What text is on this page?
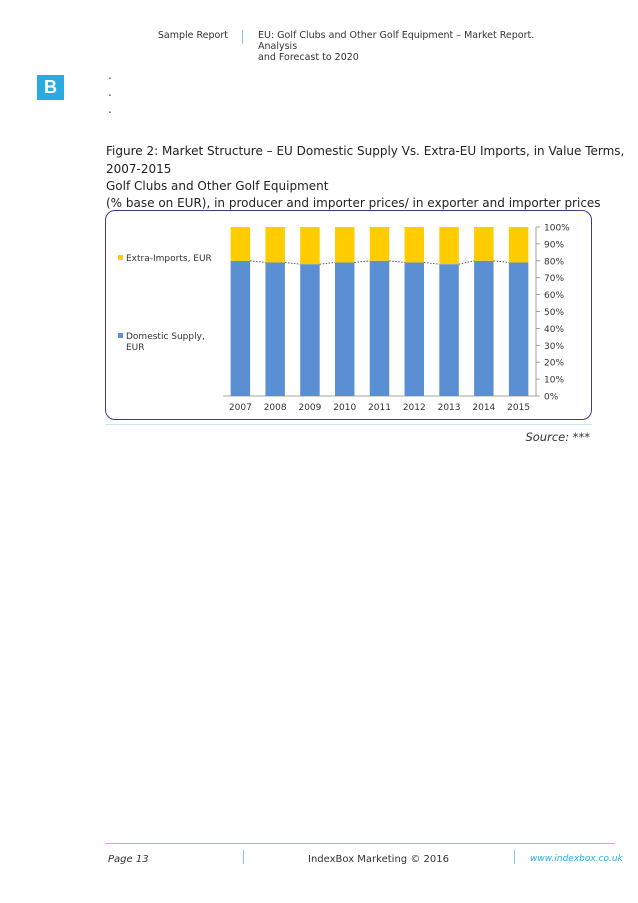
Sample Report	EU: Golf Clubs and Other Golf Equipment – Market Report. Analysis
and Forecast to 2020
B
.
.
.
Figure 2: Market Structure – EU Domestic Supply Vs. Extra-EU Imports, in Value Terms,
2007-2015
Golf Clubs and Other Golf Equipment
(% base on EUR), in producer and importer prices/ in exporter and importer prices
0%
10%
20%
30%
40%
50%
60%
70%
80%
90%
100%
2007 2008 2009 2010 2011 2012 2013 2014 2015
Extra-Imports, EUR
Domestic Supply,
EUR
Source: ***
Page 13	IndexBox Marketing © 2016	www.indexbox.co.uk
